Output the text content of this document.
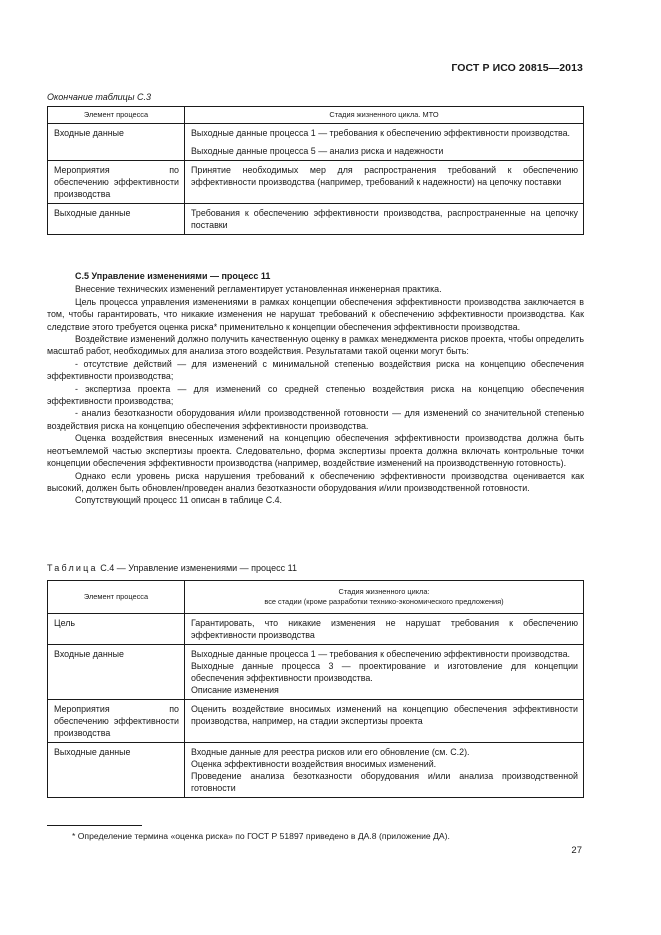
ГОСТ Р ИСО 20815—2013
Окончание таблицы С.3
Элемент процесса	Стадия жизненного цикла. МТО
Входные данные	Выходные данные процесса 1 — требования к обеспечению эффективности производства.

Выходные данные процесса 5 — анализ риска и надежности

Мероприятия по обеспечению эффективности производства	Принятие необходимых мер для распространения требований к обеспечению эффективности производства (например, требований к надежности) на цепочку поставки

Выходные данные	Требования к обеспечению эффективности производства, распространенные на цепочку поставки

С.5 Управление изменениями — процесс 11

Внесение технических изменений регламентирует установленная инженерная практика.

Цель процесса управления изменениями в рамках концепции обеспечения эффективности производства заключается в том, чтобы гарантировать, что никакие изменения не нарушат требований к обеспечению эффективности производства. Как следствие этого требуется оценка риска* применительно к концепции обеспечения эффективности производства.

Воздействие изменений должно получить качественную оценку в рамках менеджмента рисков проекта, чтобы определить масштаб работ, необходимых для анализа этого воздействия. Результатами такой оценки могут быть:

- отсутствие действий — для изменений с минимальной степенью воздействия риска на концепцию обеспечения эффективности производства;

- экспертиза проекта — для изменений со средней степенью воздействия риска на концепцию обеспечения эффективности производства;

- анализ безотказности оборудования и/или производственной готовности — для изменений со значительной степенью воздействия риска на концепцию обеспечения эффективности производства.

Оценка воздействия внесенных изменений на концепцию обеспечения эффективности производства должна быть неотъемлемой частью экспертизы проекта. Следовательно, форма экспертизы проекта должна включать контрольные точки концепции обеспечения эффективности производства (например, воздействие изменений на производственную готовность).

Однако если уровень риска нарушения требований к обеспечению эффективности производства оценивается как высокий, должен быть обновлен/проведен анализ безотказности оборудования и/или производственной готовности.

Сопутствующий процесс 11 описан в таблице С.4.

Таблица С.4 — Управление изменениями — процесс 11
Элемент процесса	Стадия жизненного цикла:
все стадии (кроме разработки технико-экономического предложения)

Цель	Гарантировать, что никакие изменения не нарушат требования к обеспечению эффективности производства

Входные данные	Выходные данные процесса 1 — требования к обеспечению эффективности производства.

Выходные данные процесса 3 — проектирование и изготовление для концепции обеспечения эффективности производства.

Описание изменения

Мероприятия по обеспечению эффективности производства	Оценить воздействие вносимых изменений на концепцию обеспечения эффективности производства, например, на стадии экспертизы проекта

Выходные данные	Входные данные для реестра рисков или его обновление (см. С.2).

Оценка эффективности воздействия вносимых изменений.

Проведение анализа безотказности оборудования и/или анализа производственной готовности

* Определение термина «оценка риска» по ГОСТ Р 51897 приведено в ДА.8 (приложение ДА).
27
